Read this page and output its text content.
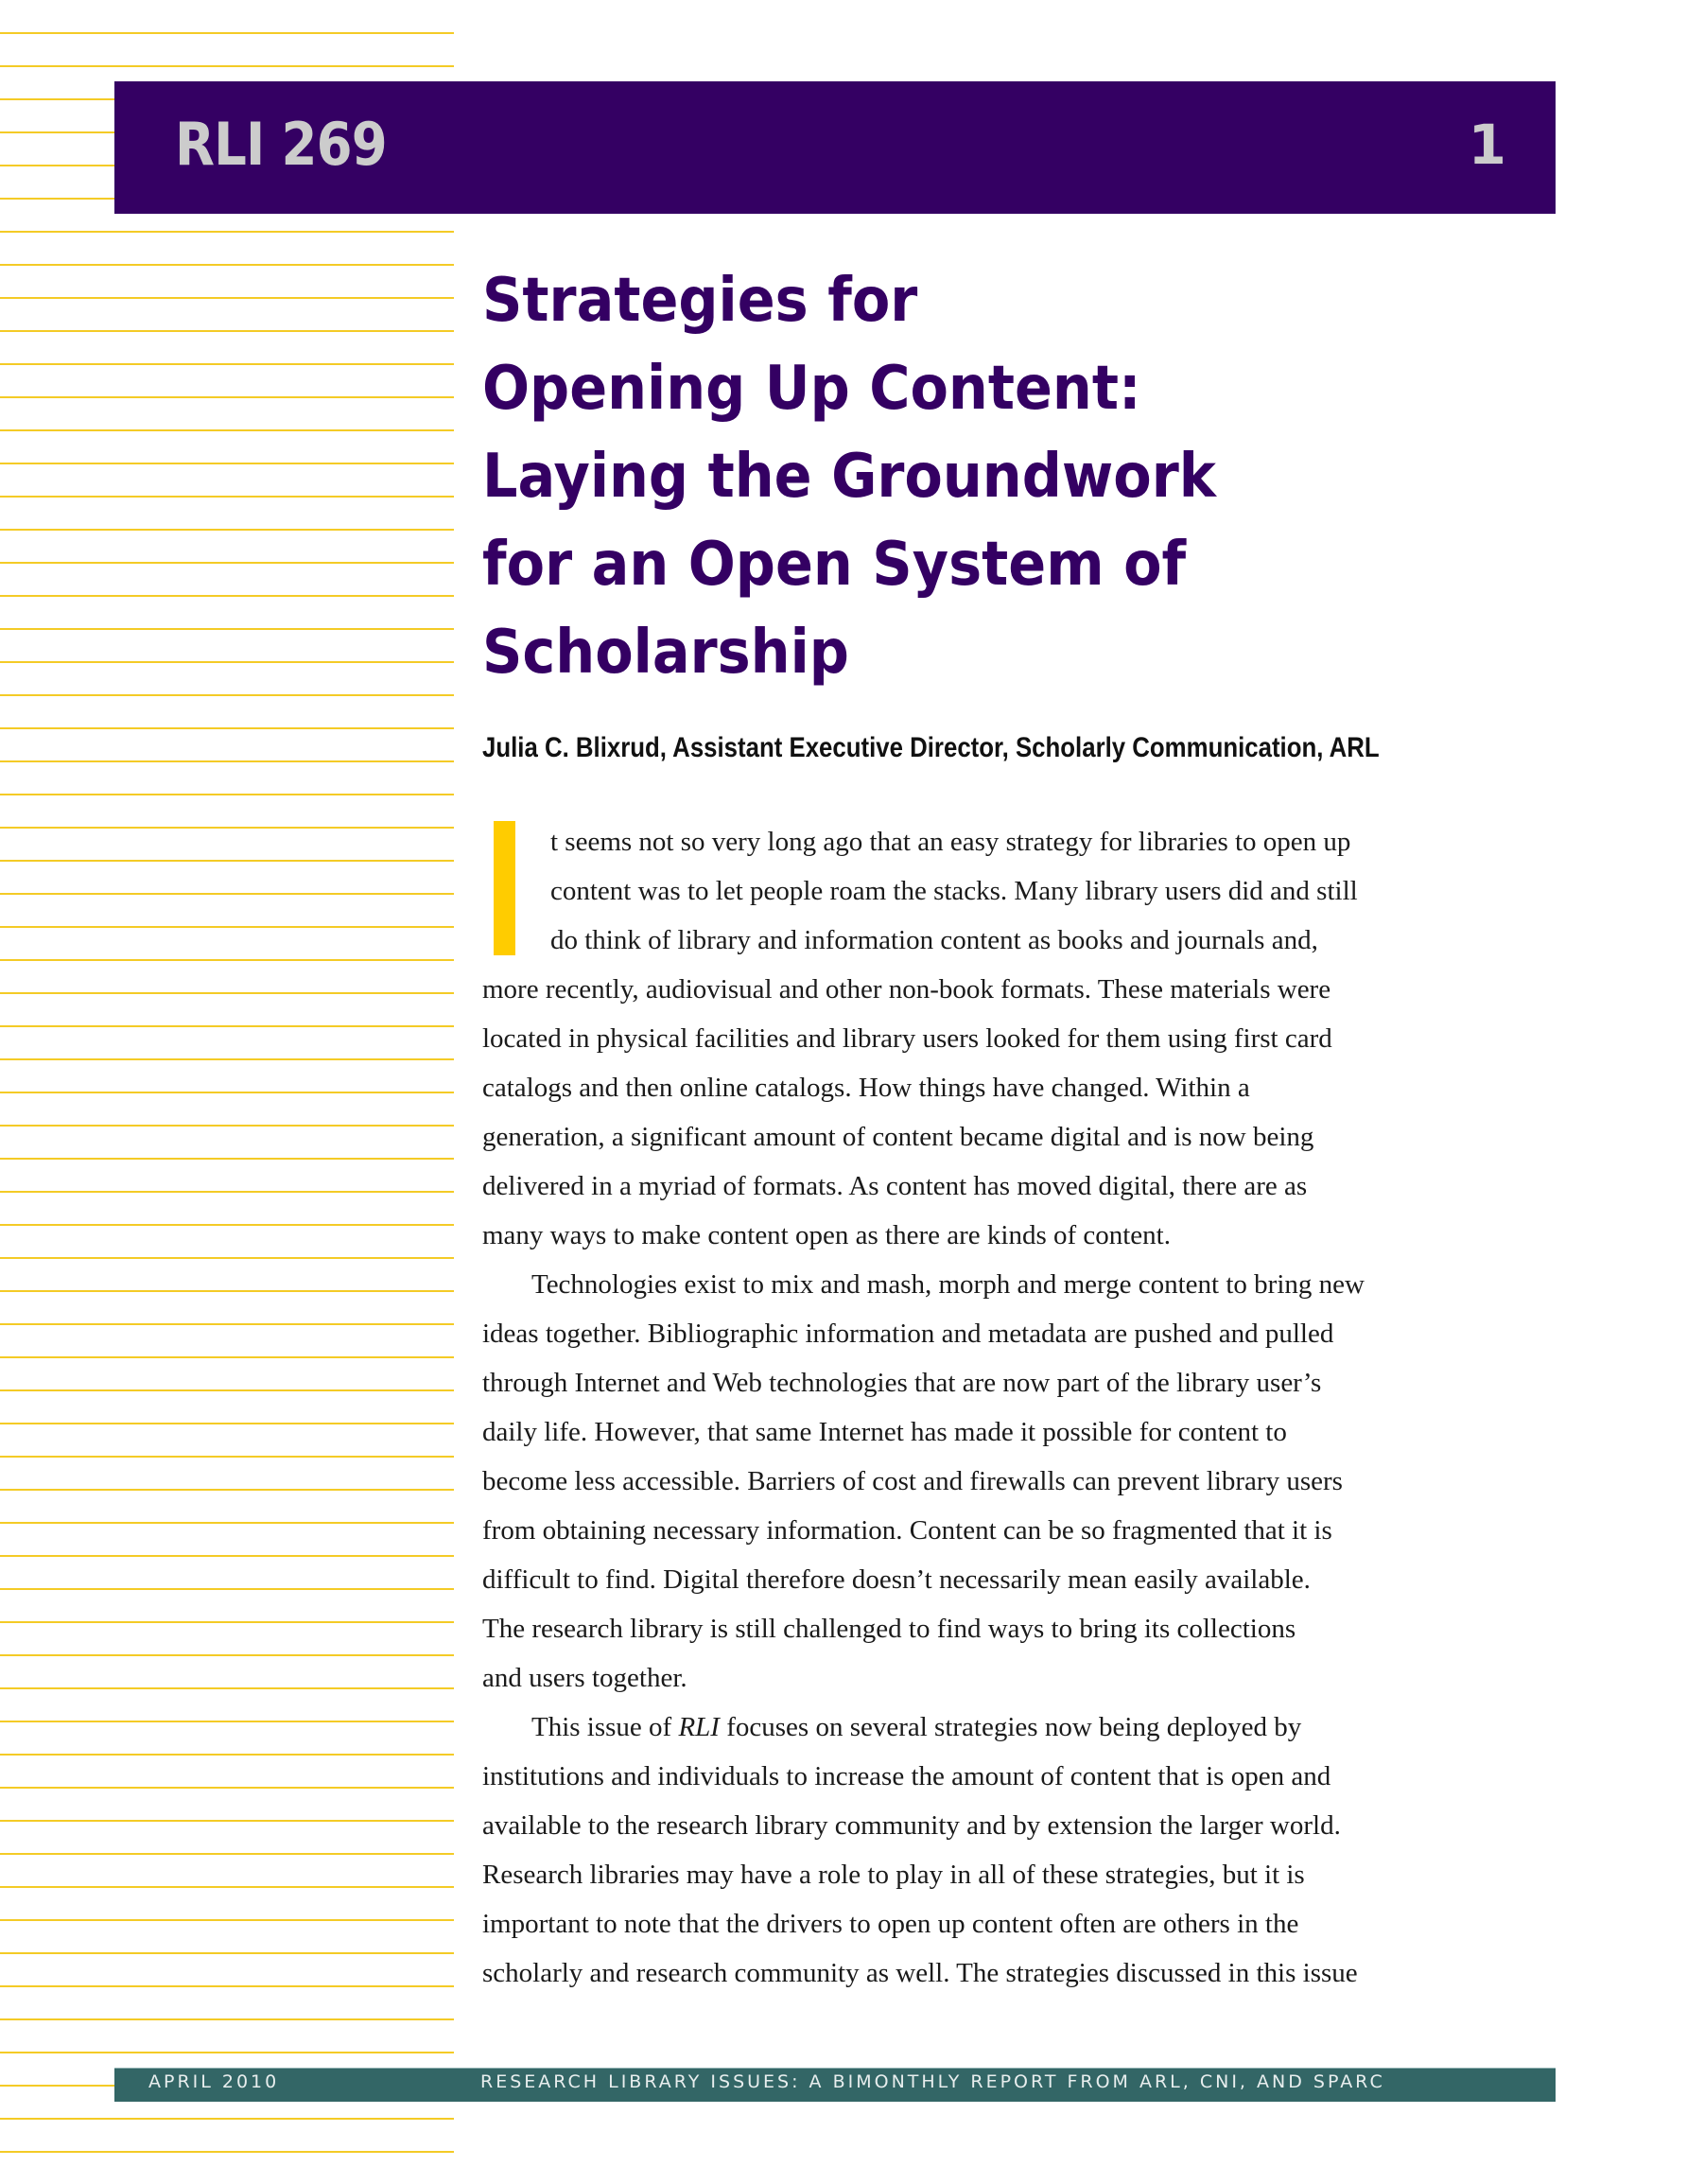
RLI 269	1
Strategies for
Opening Up Content:
Laying the Groundwork
for an Open System of
Scholarship
Julia C. Blixrud, Assistant Executive Director, Scholarly Communication, ARL
t seems not so very long ago that an easy strategy for libraries to open up
content was to let people roam the stacks. Many library users did and still
do think of library and information content as books and journals and,
more recently, audiovisual and other non-book formats. These materials were
located in physical facilities and library users looked for them using first card
catalogs and then online catalogs. How things have changed. Within a
generation, a significant amount of content became digital and is now being
delivered in a myriad of formats. As content has moved digital, there are as
many ways to make content open as there are kinds of content.
Technologies exist to mix and mash, morph and merge content to bring new
ideas together. Bibliographic information and metadata are pushed and pulled
through Internet and Web technologies that are now part of the library user’s
daily life. However, that same Internet has made it possible for content to
become less accessible. Barriers of cost and firewalls can prevent library users
from obtaining necessary information. Content can be so fragmented that it is
difficult to find. Digital therefore doesn’t necessarily mean easily available.
The research library is still challenged to find ways to bring its collections
and users together.
This issue of RLI focuses on several strategies now being deployed by
institutions and individuals to increase the amount of content that is open and
available to the research library community and by extension the larger world.
Research libraries may have a role to play in all of these strategies, but it is
important to note that the drivers to open up content often are others in the
scholarly and research community as well. The strategies discussed in this issue
APRIL 2010	RESEARCH LIBRARY ISSUES: A BIMONTHLY REPORT FROM ARL, CNI, AND SPARC
